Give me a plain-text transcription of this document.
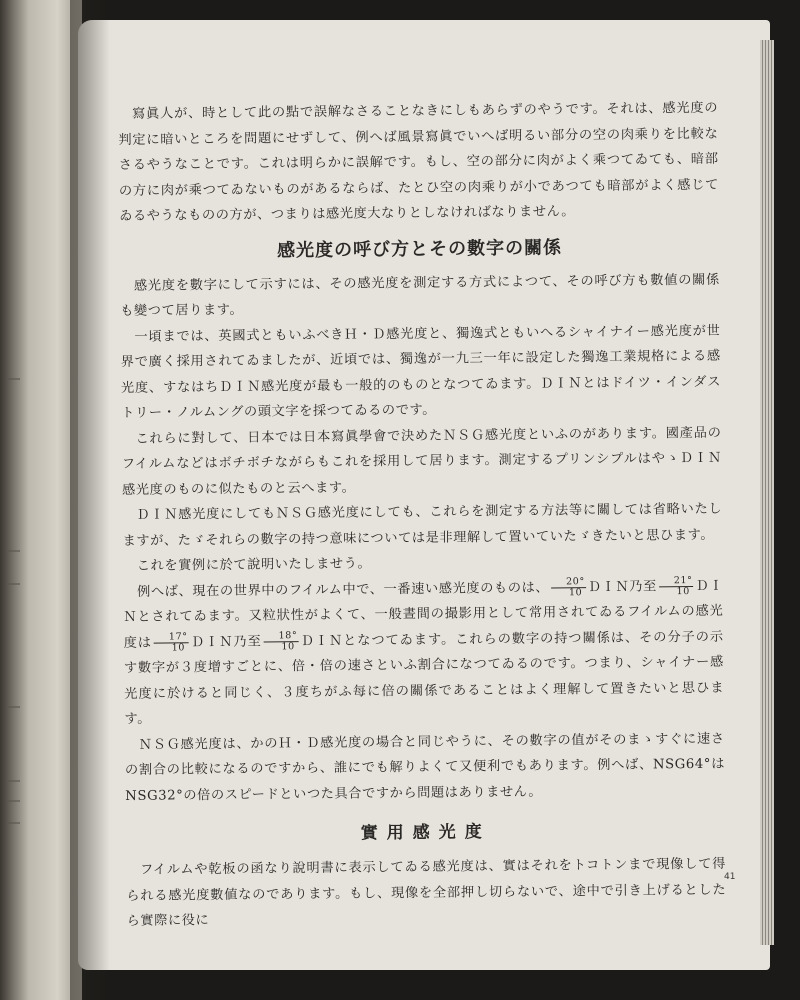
寫眞人が、時として此の點で誤解なさることなきにしもあらずのやうです。それは、感光度の判定に暗いところを問題にせずして、例へば風景寫眞でいへば明るい部分の空の肉乘りを比較なさるやうなことです。これは明らかに誤解です。もし、空の部分に肉がよく乘つてゐても、暗部の方に肉が乘つてゐないものがあるならば、たとひ空の肉乘りが小であつても暗部がよく感じてゐるやうなものの方が、つまりは感光度大なりとしなければなりません。

感光度の呼び方とその數字の關係

感光度を數字にして示すには、その感光度を測定する方式によつて、その呼び方も數値の關係も變つて居ります。

一頃までは、英國式ともいふべきＨ・Ｄ感光度と、獨逸式ともいへるシャイナイー感光度が世界で廣く採用されてゐましたが、近頃では、獨逸が一九三一年に設定した獨逸工業規格による感光度、すなはちＤＩＮ感光度が最も一般的のものとなつてゐます。ＤＩＮとはドイツ・インダストリー・ノルムングの頭文字を採つてゐるのです。

これらに對して、日本では日本寫眞學會で決めたＮＳＧ感光度といふのがあります。國產品のフイルムなどはボチボチながらもこれを採用して居ります。測定するプリンシプルはやゝＤＩＮ感光度のものに似たものと云へます。

ＤＩＮ感光度にしてもＮＳＧ感光度にしても、これらを測定する方法等に關しては省略いたしますが、たゞそれらの數字の持つ意味については是非理解して置いていたゞきたいと思ひます。

これを實例に於て說明いたしませう。

例へば、現在の世界中のフイルム中で、一番速い感光度のものは、 $\frac{20^\circ}{10}$ ＤＩＮ乃至 $\frac{21^\circ}{10}$ ＤＩＮとされてゐます。又粒狀性がよくて、一般晝間の撮影用として常用されてゐるフイルムの感光度は $\frac{17^\circ}{10}$ ＤＩＮ乃至 $\frac{18^\circ}{10}$ ＤＩＮとなつてゐます。これらの數字の持つ關係は、その分子の示す數字が３度增すごとに、倍・倍の速さといふ割合になつてゐるのです。つまり、シャイナー感光度に於けると同じく、３度ちがふ每に倍の關係であることはよく理解して置きたいと思ひます。

ＮＳＧ感光度は、かのＨ・Ｄ感光度の場合と同じやうに、その數字の值がそのまゝすぐに速さの割合の比較になるのですから、誰にでも解りよくて又便利でもあります。例へば、NSG64°はNSG32°の倍のスピードといつた具合ですから問題はありません。

實用感光度

フイルムや乾板の函なり說明書に表示してゐる感光度は、實はそれをトコトンまで現像して得られる感光度數値なのであります。もし、現像を全部押し切らないで、途中で引き上げるとしたら實際に役に

41
